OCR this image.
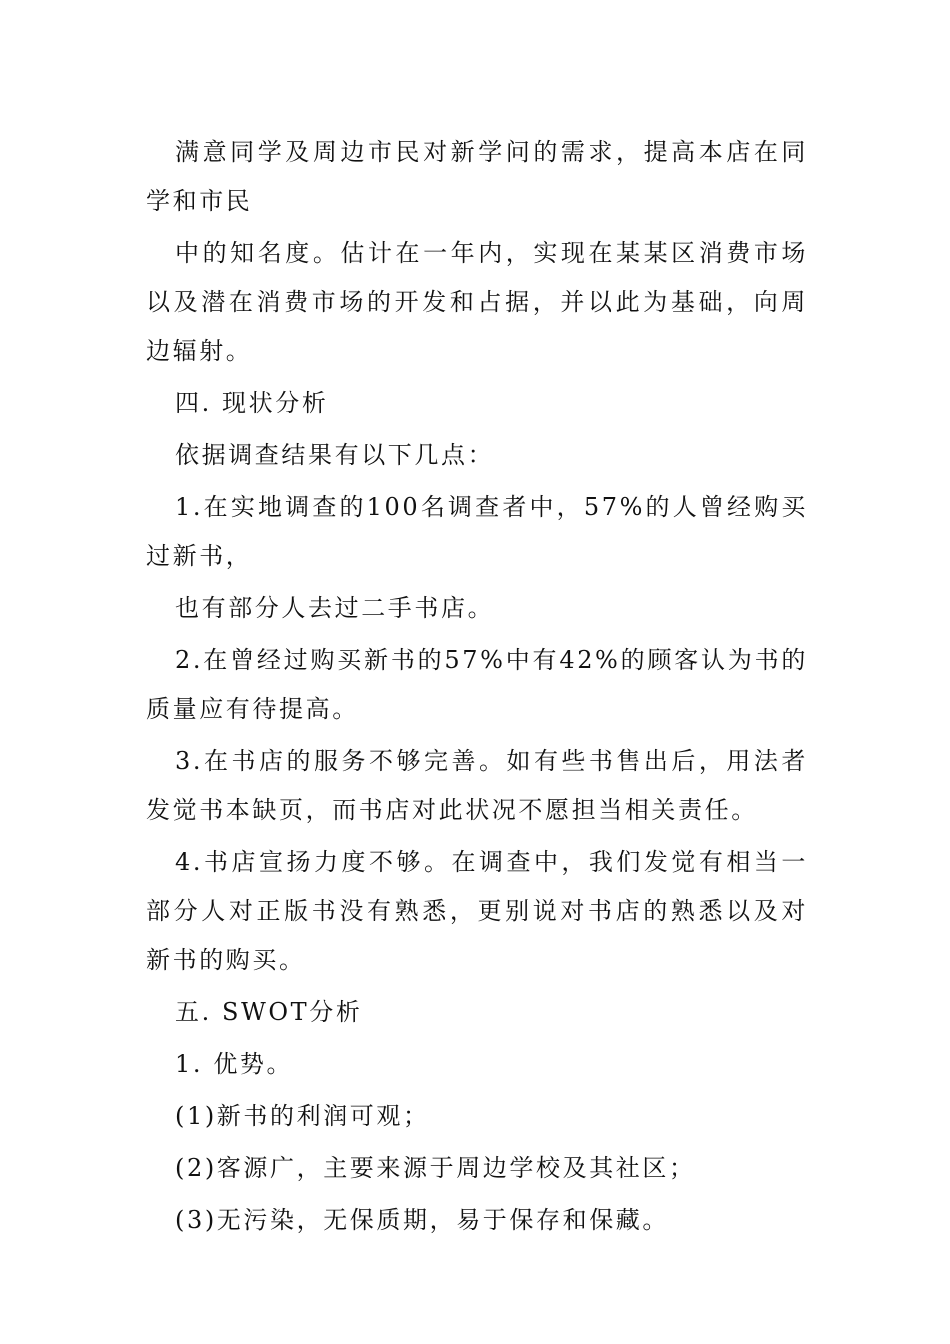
满意同学及周边市民对新学问的需求，提高本店在同学和市民

中的知名度。估计在一年内，实现在某某区消费市场以及潜在消费市场的开发和占据，并以此为基础，向周边辐射。

四. 现状分析

依据调查结果有以下几点：

1.在实地调查的100名调查者中，57%的人曾经购买过新书，

也有部分人去过二手书店。

2.在曾经过购买新书的57%中有42%的顾客认为书的质量应有待提高。

3.在书店的服务不够完善。如有些书售出后，用法者发觉书本缺页，而书店对此状况不愿担当相关责任。

4.书店宣扬力度不够。在调查中，我们发觉有相当一部分人对正版书没有熟悉，更别说对书店的熟悉以及对新书的购买。

五. SWOT分析

1. 优势。

(1)新书的利润可观；

(2)客源广，主要来源于周边学校及其社区；

(3)无污染，无保质期，易于保存和保藏。
